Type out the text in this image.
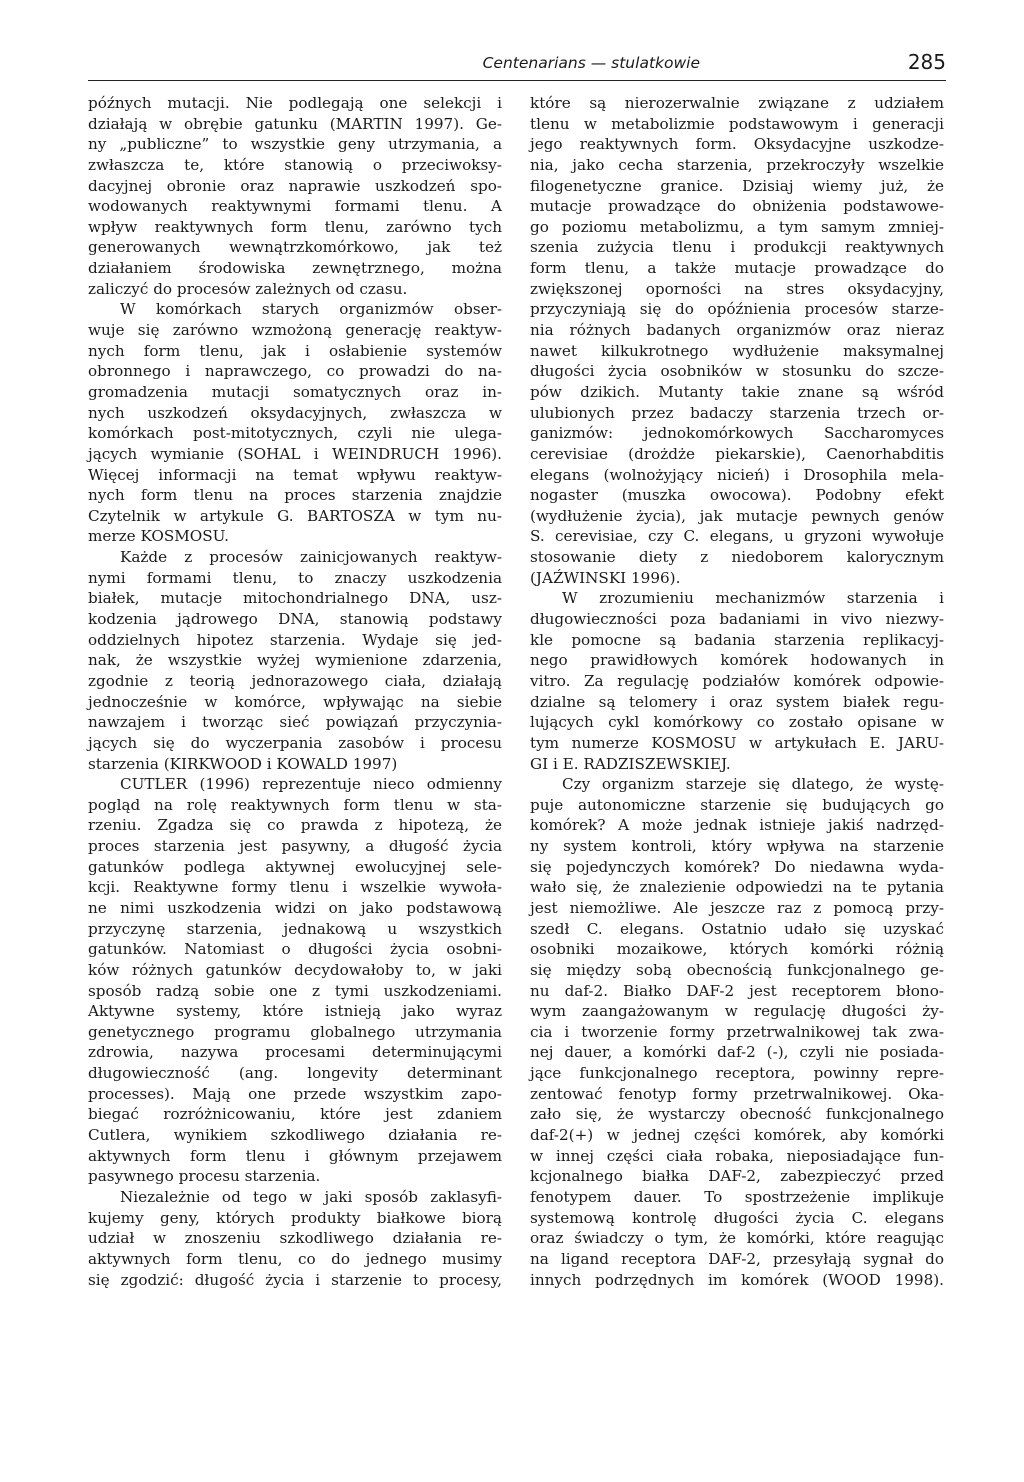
Centenarians — stulatkowie	285
późnych mutacji. Nie podlegają one selekcji i
działają w obrębie gatunku (MARTIN 1997). Ge-
ny „publiczne” to wszystkie geny utrzymania, a
zwłaszcza te, które stanowią o przeciwoksy-
dacyjnej obronie oraz naprawie uszkodzeń spo-
wodowanych reaktywnymi formami tlenu. A
wpływ reaktywnych form tlenu, zarówno tych
generowanych wewnątrzkomórkowo, jak też
działaniem środowiska zewnętrznego, można
zaliczyć do procesów zależnych od czasu.
W komórkach starych organizmów obser-
wuje się zarówno wzmożoną generację reaktyw-
nych form tlenu, jak i osłabienie systemów
obronnego i naprawczego, co prowadzi do na-
gromadzenia mutacji somatycznych oraz in-
nych uszkodzeń oksydacyjnych, zwłaszcza w
komórkach post-mitotycznych, czyli nie ulega-
jących wymianie (SOHAL i WEINDRUCH 1996).
Więcej informacji na temat wpływu reaktyw-
nych form tlenu na proces starzenia znajdzie
Czytelnik w artykule G. BARTOSZA w tym nu-
merze KOSMOSU.
Każde z procesów zainicjowanych reaktyw-
nymi formami tlenu, to znaczy uszkodzenia
białek, mutacje mitochondrialnego DNA, usz-
kodzenia jądrowego DNA, stanowią podstawy
oddzielnych hipotez starzenia. Wydaje się jed-
nak, że wszystkie wyżej wymienione zdarzenia,
zgodnie z teorią jednorazowego ciała, działają
jednocześnie w komórce, wpływając na siebie
nawzajem i tworząc sieć powiązań przyczynia-
jących się do wyczerpania zasobów i procesu
starzenia (KIRKWOOD i KOWALD 1997)
CUTLER (1996) reprezentuje nieco odmienny
pogląd na rolę reaktywnych form tlenu w sta-
rzeniu. Zgadza się co prawda z hipotezą, że
proces starzenia jest pasywny, a długość życia
gatunków podlega aktywnej ewolucyjnej sele-
kcji. Reaktywne formy tlenu i wszelkie wywoła-
ne nimi uszkodzenia widzi on jako podstawową
przyczynę starzenia, jednakową u wszystkich
gatunków. Natomiast o długości życia osobni-
ków różnych gatunków decydowałoby to, w jaki
sposób radzą sobie one z tymi uszkodzeniami.
Aktywne systemy, które istnieją jako wyraz
genetycznego programu globalnego utrzymania
zdrowia, nazywa procesami determinującymi
długowieczność (ang. longevity determinant
processes). Mają one przede wszystkim zapo-
biegać rozróżnicowaniu, które jest zdaniem
Cutlera, wynikiem szkodliwego działania re-
aktywnych form tlenu i głównym przejawem
pasywnego procesu starzenia.
Niezależnie od tego w jaki sposób zaklasyfi-
kujemy geny, których produkty białkowe biorą
udział w znoszeniu szkodliwego działania re-
aktywnych form tlenu, co do jednego musimy
się zgodzić: długość życia i starzenie to procesy,
które są nierozerwalnie związane z udziałem
tlenu w metabolizmie podstawowym i generacji
jego reaktywnych form. Oksydacyjne uszkodze-
nia, jako cecha starzenia, przekroczyły wszelkie
filogenetyczne granice. Dzisiaj wiemy już, że
mutacje prowadzące do obniżenia podstawowe-
go poziomu metabolizmu, a tym samym zmniej-
szenia zużycia tlenu i produkcji reaktywnych
form tlenu, a także mutacje prowadzące do
zwiększonej oporności na stres oksydacyjny,
przyczyniają się do opóźnienia procesów starze-
nia różnych badanych organizmów oraz nieraz
nawet kilkukrotnego wydłużenie maksymalnej
długości życia osobników w stosunku do szcze-
pów dzikich. Mutanty takie znane są wśród
ulubionych przez badaczy starzenia trzech or-
ganizmów: jednokomórkowych Saccharomyces
cerevisiae (drożdże piekarskie), Caenorhabditis
elegans (wolnożyjący nicień) i Drosophila mela-
nogaster (muszka owocowa). Podobny efekt
(wydłużenie życia), jak mutacje pewnych genów
S. cerevisiae, czy C. elegans, u gryzoni wywołuje
stosowanie diety z niedoborem kalorycznym
(JAŹWINSKI 1996).
W zrozumieniu mechanizmów starzenia i
długowieczności poza badaniami in vivo niezwy-
kle pomocne są badania starzenia replikacyj-
nego prawidłowych komórek hodowanych in
vitro. Za regulację podziałów komórek odpowie-
dzialne są telomery i oraz system białek regu-
lujących cykl komórkowy co zostało opisane w
tym numerze KOSMOSU w artykułach E. JARU-
GI i E. RADZISZEWSKIEJ.
Czy organizm starzeje się dlatego, że wystę-
puje autonomiczne starzenie się budujących go
komórek? A może jednak istnieje jakiś nadrzęd-
ny system kontroli, który wpływa na starzenie
się pojedynczych komórek? Do niedawna wyda-
wało się, że znalezienie odpowiedzi na te pytania
jest niemożliwe. Ale jeszcze raz z pomocą przy-
szedł C. elegans. Ostatnio udało się uzyskać
osobniki mozaikowe, których komórki różnią
się między sobą obecnością funkcjonalnego ge-
nu daf-2. Białko DAF-2 jest receptorem błono-
wym zaangażowanym w regulację długości ży-
cia i tworzenie formy przetrwalnikowej tak zwa-
nej dauer, a komórki daf-2 (-), czyli nie posiada-
jące funkcjonalnego receptora, powinny repre-
zentować fenotyp formy przetrwalnikowej. Oka-
zało się, że wystarczy obecność funkcjonalnego
daf-2(+) w jednej części komórek, aby komórki
w innej części ciała robaka, nieposiadające fun-
kcjonalnego białka DAF-2, zabezpieczyć przed
fenotypem dauer. To spostrzeżenie implikuje
systemową kontrolę długości życia C. elegans
oraz świadczy o tym, że komórki, które reagując
na ligand receptora DAF-2, przesyłają sygnał do
innych podrzędnych im komórek (WOOD 1998).
